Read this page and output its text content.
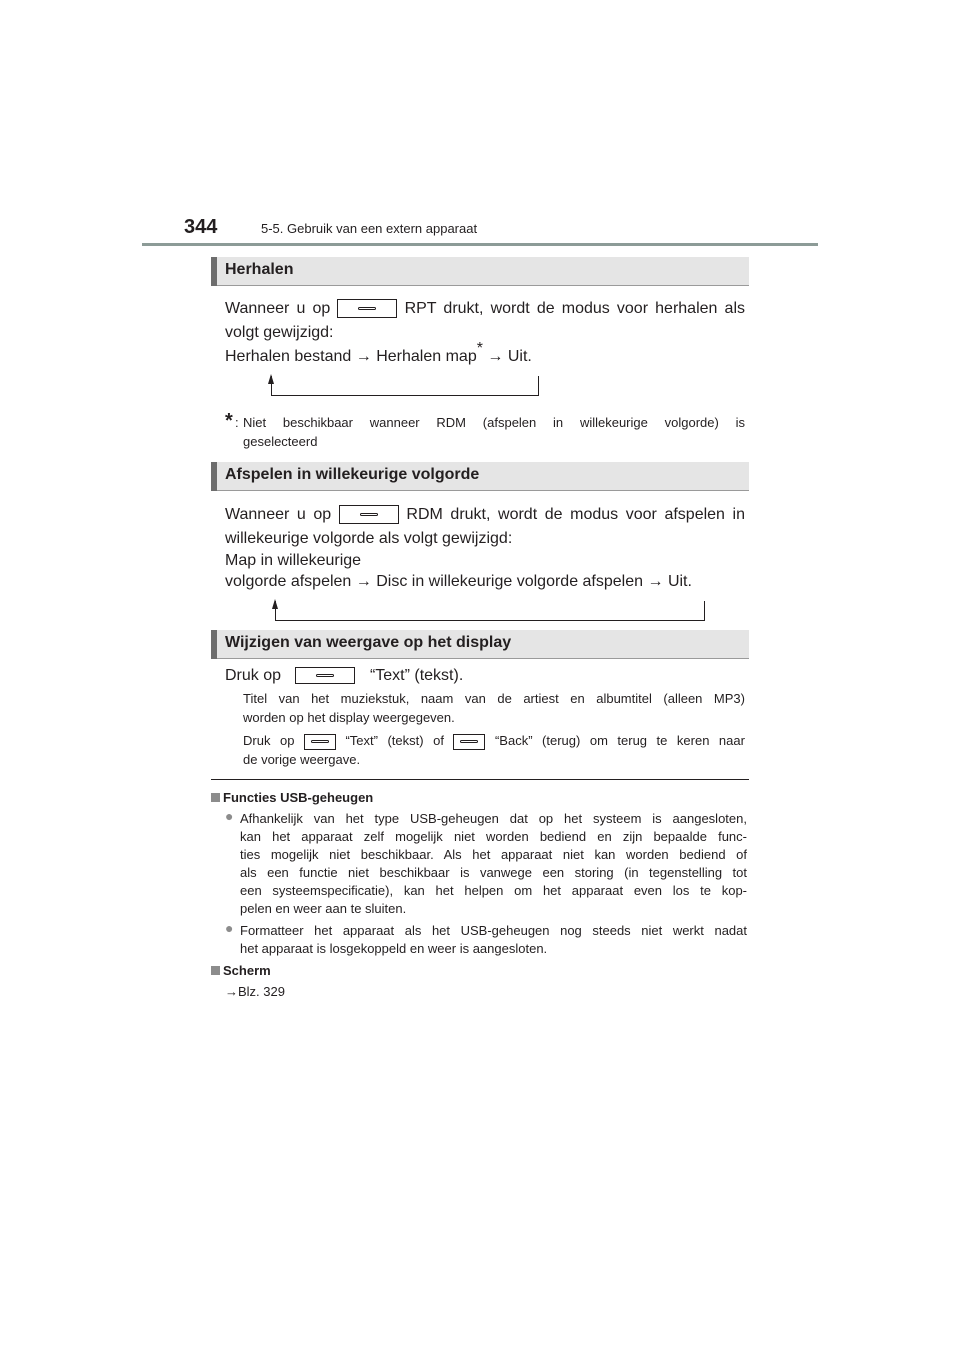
344	5-5. Gebruik van een extern apparaat
Herhalen
Wanneer u op	RPT drukt, wordt de modus voor herhalen als
volgt gewijzigd:
Herhalen bestand → Herhalen map* → Uit.
* : Niet beschikbaar wanneer RDM (afspelen in willekeurige volgorde) is
geselecteerd
Afspelen in willekeurige volgorde
Wanneer u op	RDM drukt, wordt de modus voor afspelen in
willekeurige volgorde als volgt gewijzigd:
Map in willekeurige
volgorde afspelen → Disc in willekeurige volgorde afspelen → Uit.
Wijzigen van weergave op het display
Druk op	“Text” (tekst).
Titel van het muziekstuk, naam van de artiest en albumtitel (alleen MP3)
worden op het display weergegeven.
Druk op	“Text” (tekst) of	“Back” (terug) om terug te keren naar
de vorige weergave.
Functies USB-geheugen
● Afhankelijk van het type USB-geheugen dat op het systeem is aangesloten,
kan het apparaat zelf mogelijk niet worden bediend en zijn bepaalde func-
ties mogelijk niet beschikbaar. Als het apparaat niet kan worden bediend of
als een functie niet beschikbaar is vanwege een storing (in tegenstelling tot
een systeemspecificatie), kan het helpen om het apparaat even los te kop-
pelen en weer aan te sluiten.
● Formatteer het apparaat als het USB-geheugen nog steeds niet werkt nadat
het apparaat is losgekoppeld en weer is aangesloten.
Scherm
→Blz. 329
